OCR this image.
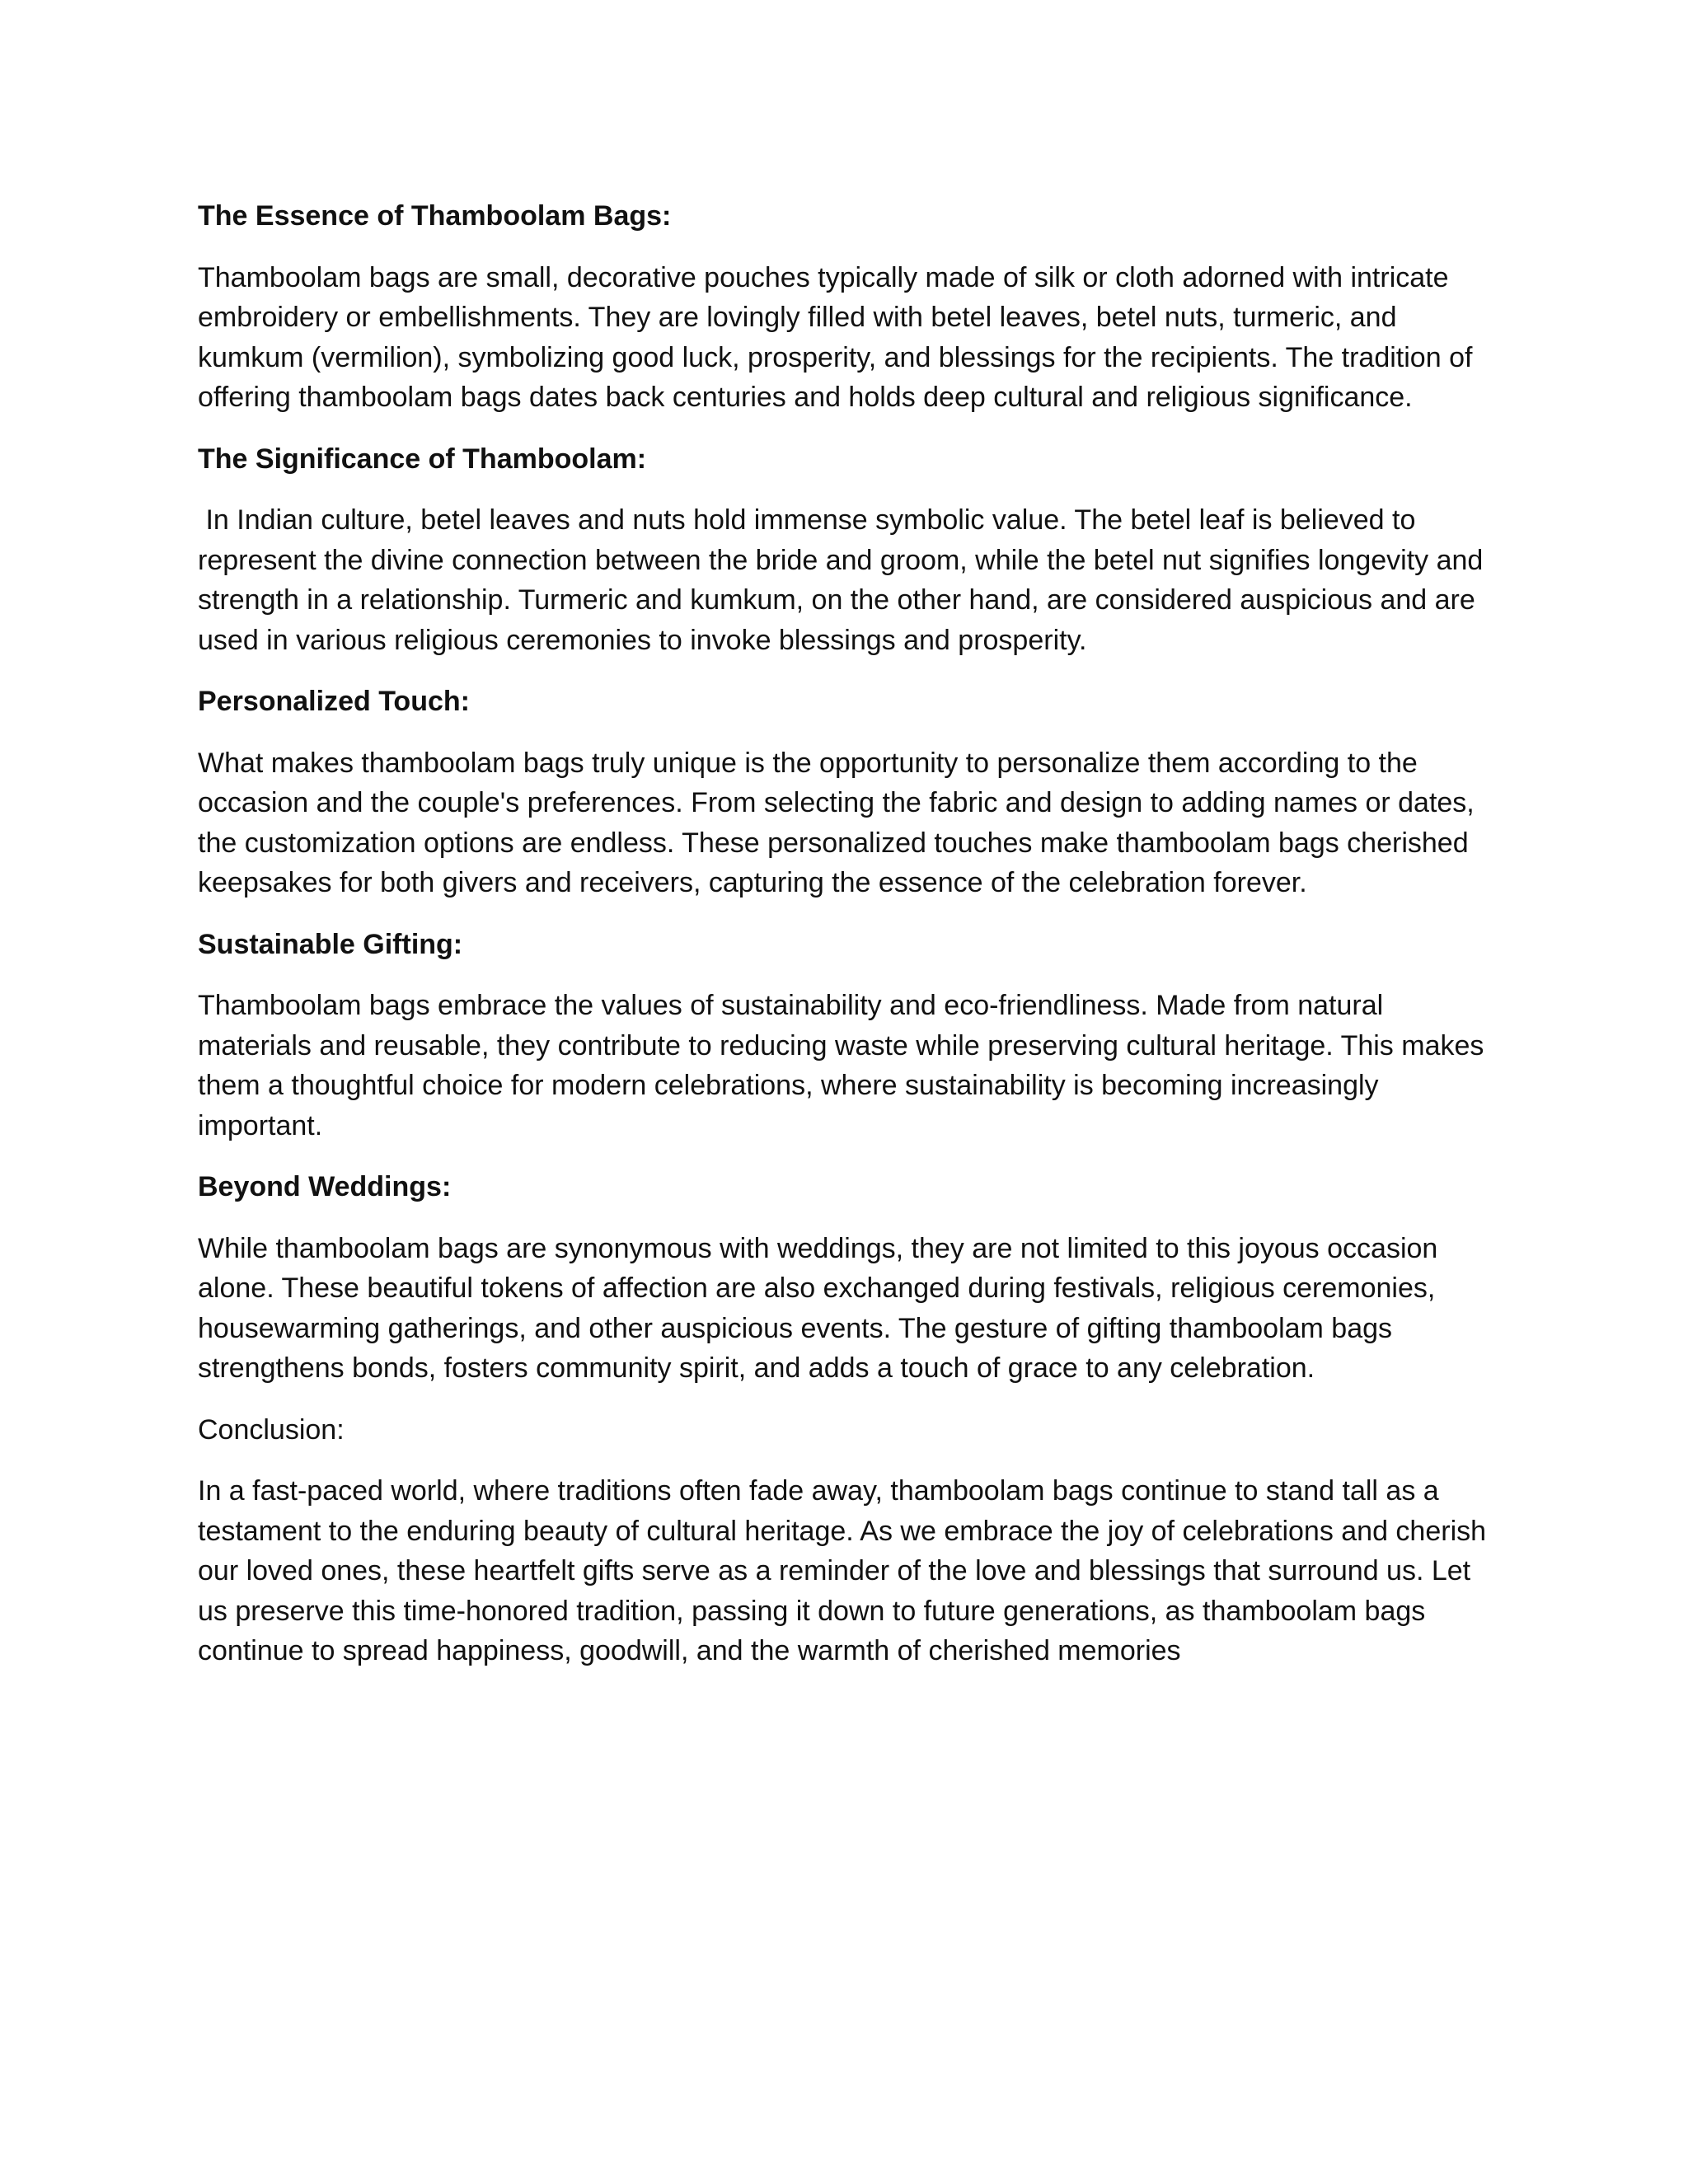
The Essence of Thamboolam Bags:
Thamboolam bags are small, decorative pouches typically made of silk or cloth adorned with intricate embroidery or embellishments. They are lovingly filled with betel leaves, betel nuts, turmeric, and kumkum (vermilion), symbolizing good luck, prosperity, and blessings for the recipients. The tradition of offering thamboolam bags dates back centuries and holds deep cultural and religious significance.
The Significance of Thamboolam:
In Indian culture, betel leaves and nuts hold immense symbolic value. The betel leaf is believed to represent the divine connection between the bride and groom, while the betel nut signifies longevity and strength in a relationship. Turmeric and kumkum, on the other hand, are considered auspicious and are used in various religious ceremonies to invoke blessings and prosperity.
Personalized Touch:
What makes thamboolam bags truly unique is the opportunity to personalize them according to the occasion and the couple's preferences. From selecting the fabric and design to adding names or dates, the customization options are endless. These personalized touches make thamboolam bags cherished keepsakes for both givers and receivers, capturing the essence of the celebration forever.
Sustainable Gifting:
Thamboolam bags embrace the values of sustainability and eco-friendliness. Made from natural materials and reusable, they contribute to reducing waste while preserving cultural heritage. This makes them a thoughtful choice for modern celebrations, where sustainability is becoming increasingly important.
Beyond Weddings:
While thamboolam bags are synonymous with weddings, they are not limited to this joyous occasion alone. These beautiful tokens of affection are also exchanged during festivals, religious ceremonies, housewarming gatherings, and other auspicious events. The gesture of gifting thamboolam bags strengthens bonds, fosters community spirit, and adds a touch of grace to any celebration.
Conclusion:
In a fast-paced world, where traditions often fade away, thamboolam bags continue to stand tall as a testament to the enduring beauty of cultural heritage. As we embrace the joy of celebrations and cherish our loved ones, these heartfelt gifts serve as a reminder of the love and blessings that surround us. Let us preserve this time-honored tradition, passing it down to future generations, as thamboolam bags continue to spread happiness, goodwill, and the warmth of cherished memories
